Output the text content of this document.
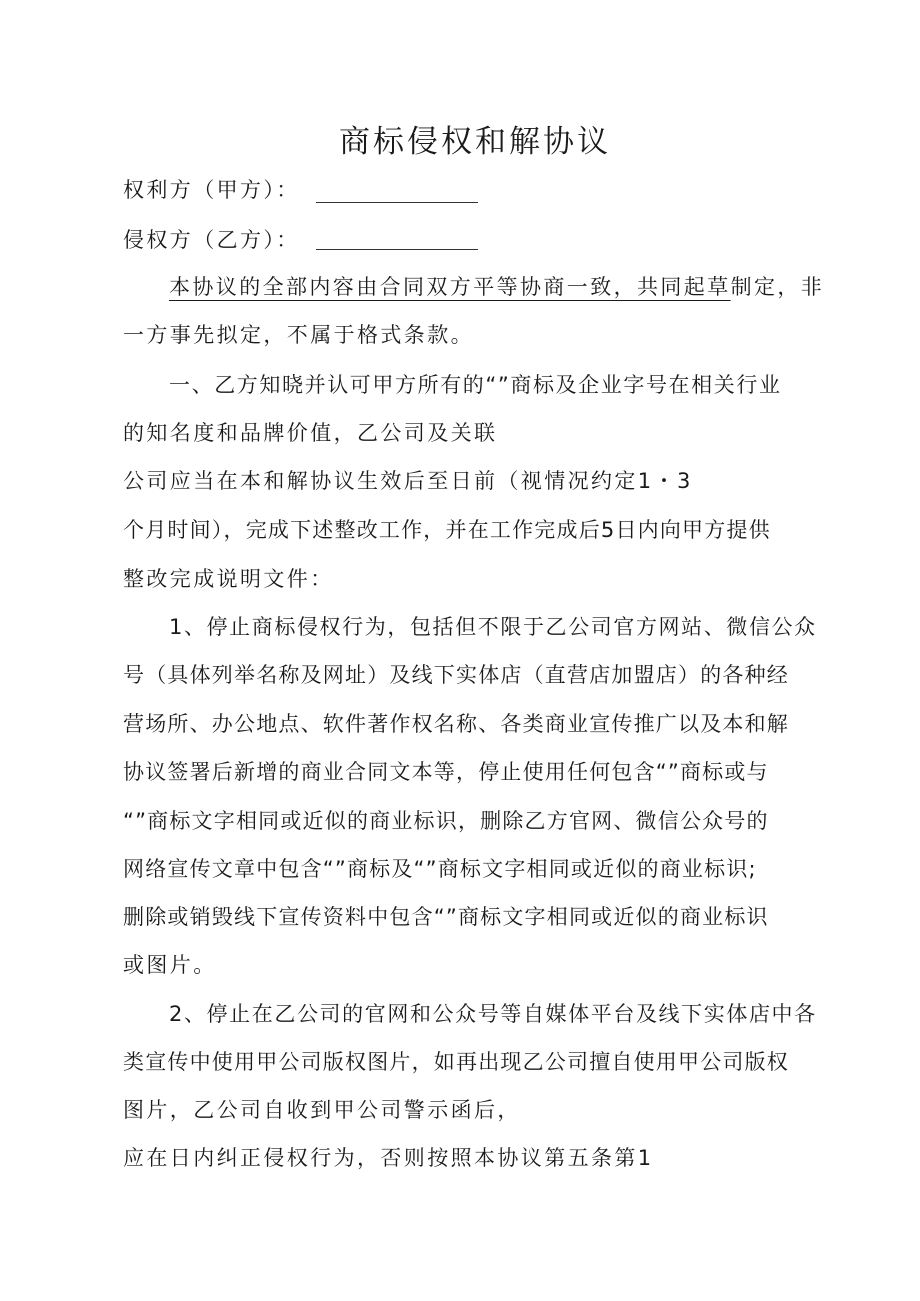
商标侵权和解协议
权利方（甲方）：
侵权方（乙方）：
本协议的全部内容由合同双方平等协商一致，共同起草制定，非
一方事先拟定，不属于格式条款。
一、乙方知晓并认可甲方所有的“”商标及企业字号在相关行业
的知名度和品牌价值，乙公司及关联
公司应当在本和解协议生效后至日前（视情况约定1・3
个月时间），完成下述整改工作，并在工作完成后5日内向甲方提供
整改完成说明文件：
1、停止商标侵权行为，包括但不限于乙公司官方网站、微信公众
号（具体列举名称及网址）及线下实体店（直营店加盟店）的各种经
营场所、办公地点、软件著作权名称、各类商业宣传推广以及本和解
协议签署后新增的商业合同文本等，停止使用任何包含“”商标或与
“”商标文字相同或近似的商业标识，删除乙方官网、微信公众号的
网络宣传文章中包含“”商标及“”商标文字相同或近似的商业标识;
删除或销毁线下宣传资料中包含“”商标文字相同或近似的商业标识
或图片。
2、停止在乙公司的官网和公众号等自媒体平台及线下实体店中各
类宣传中使用甲公司版权图片，如再出现乙公司擅自使用甲公司版权
图片，乙公司自收到甲公司警示函后，
应在日内纠正侵权行为，否则按照本协议第五条第1
